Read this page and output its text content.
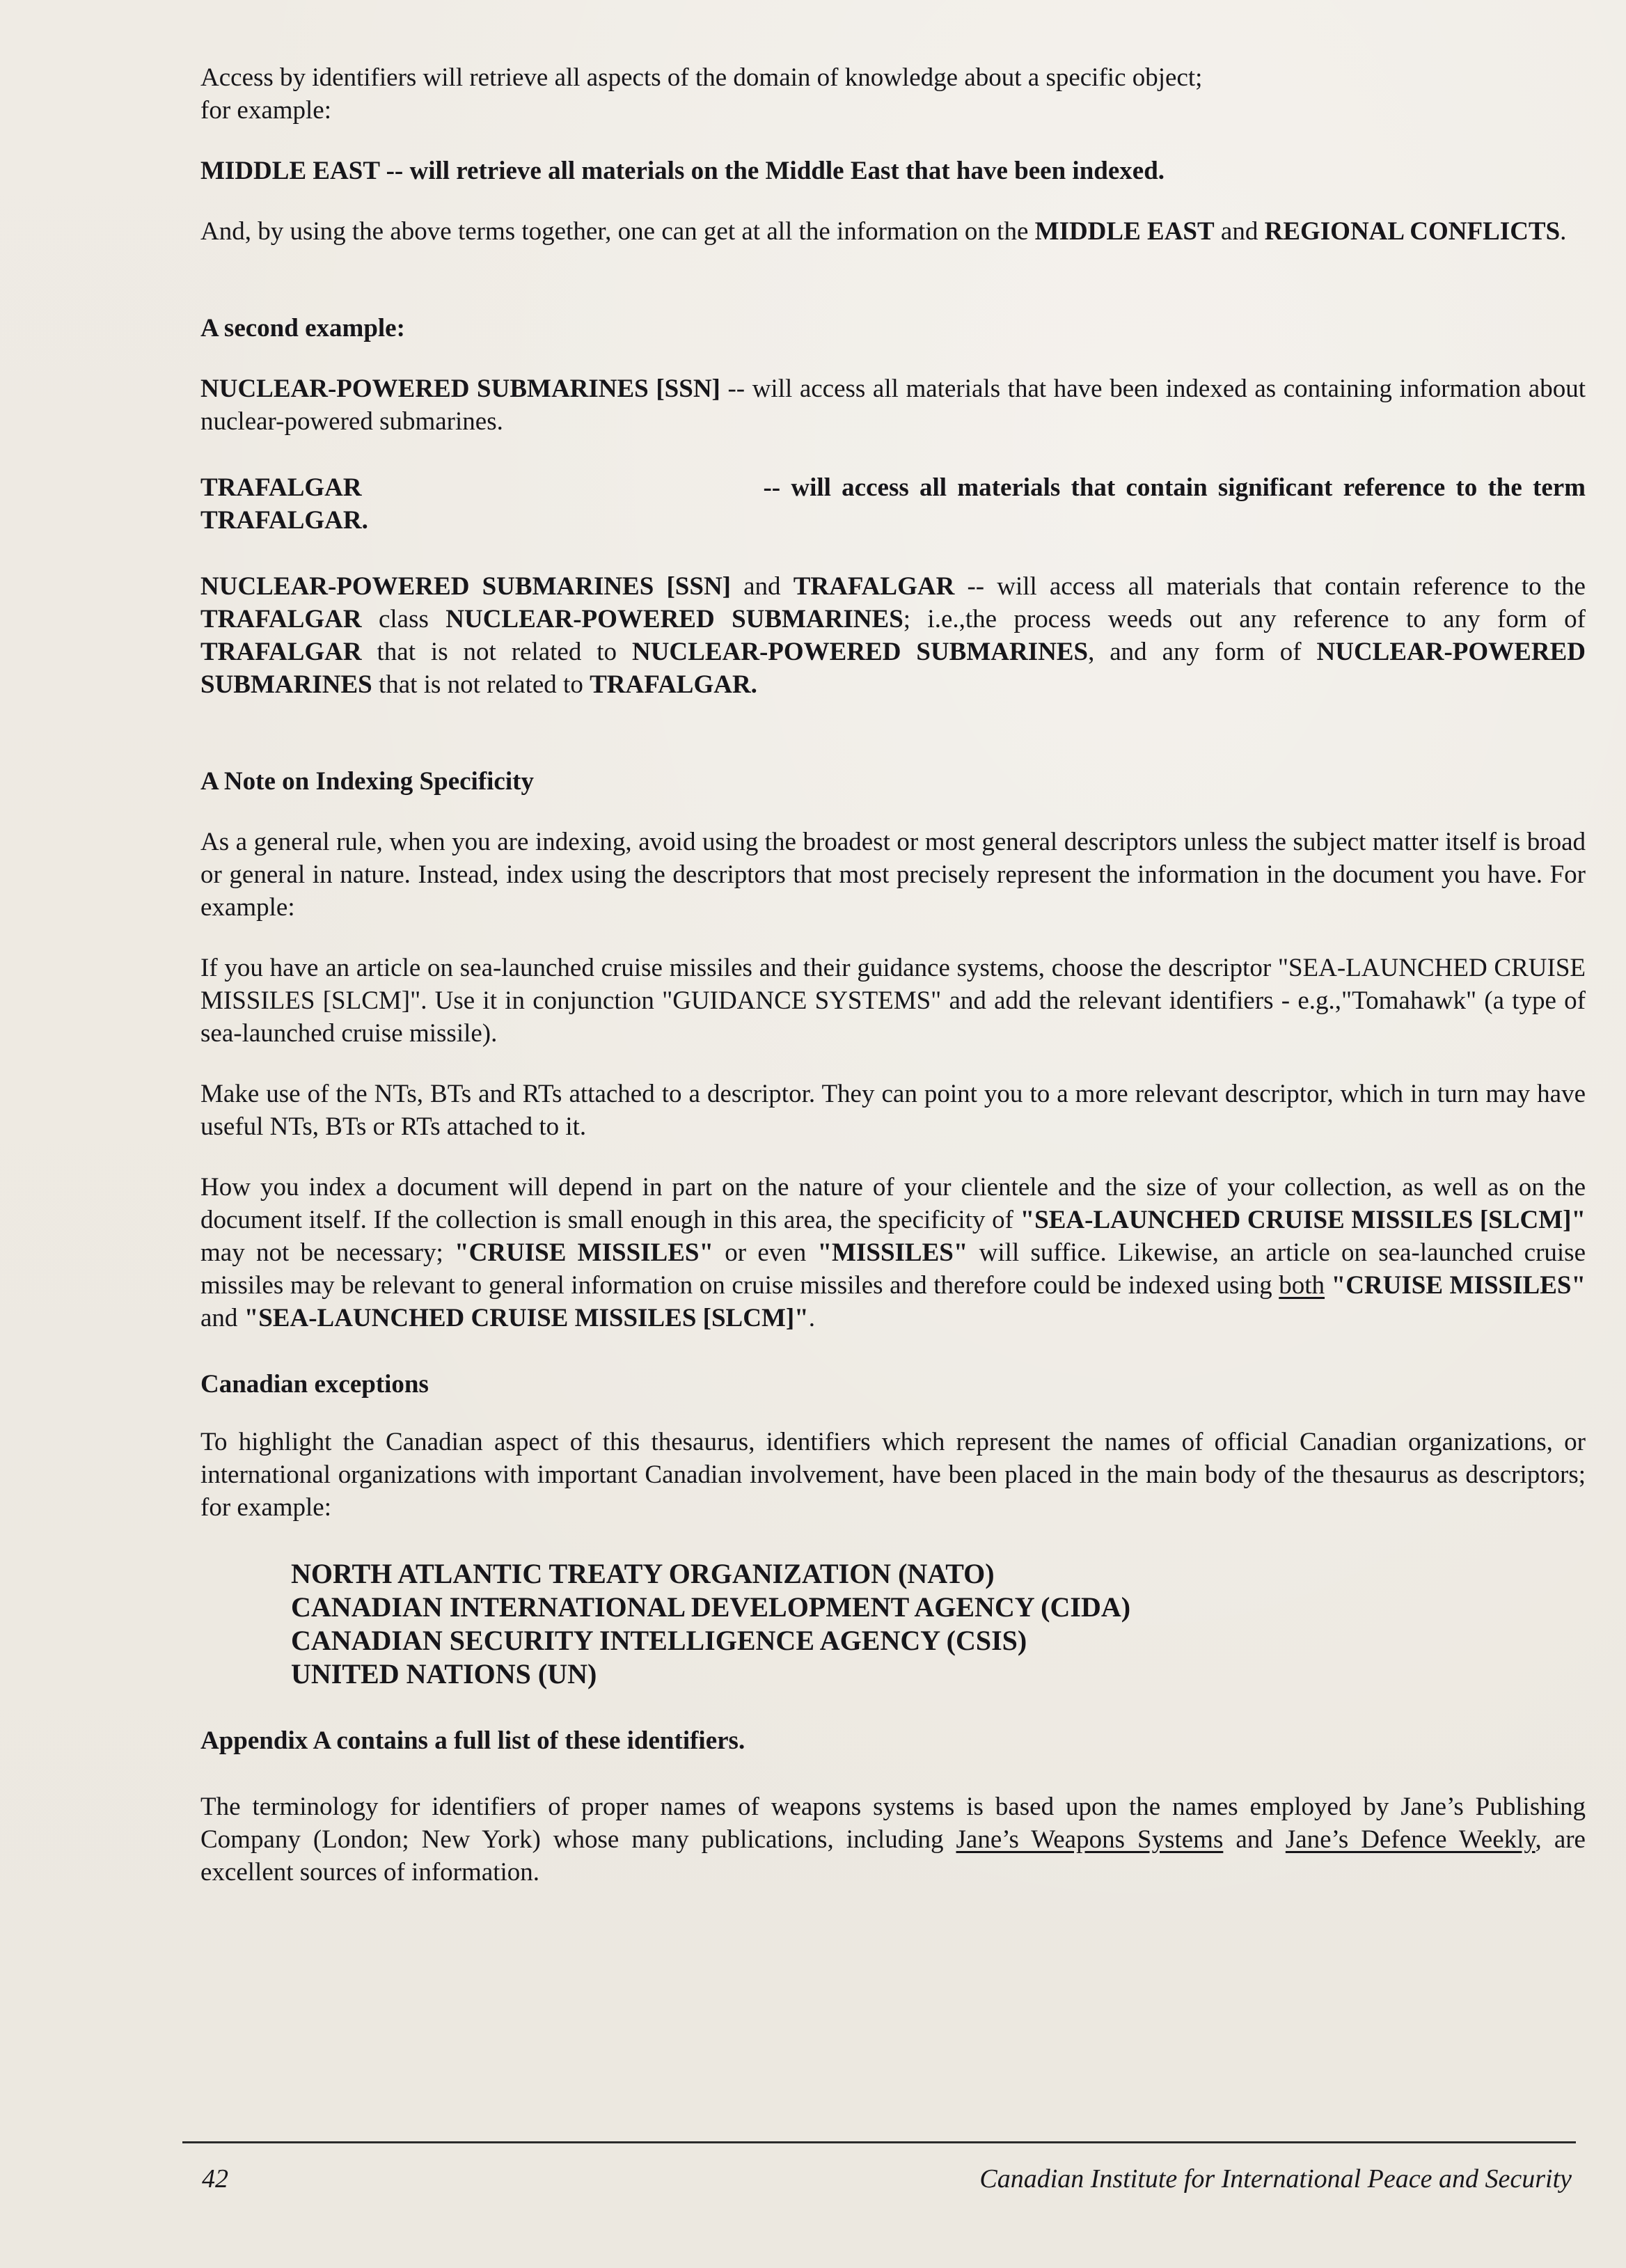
Access by identifiers will retrieve all aspects of the domain of knowledge about a specific object;
for example:

MIDDLE EAST -- will retrieve all materials on the Middle East that have been indexed.

And, by using the above terms together, one can get at all the information on the MIDDLE EAST and REGIONAL CONFLICTS.

A second example:

NUCLEAR-POWERED SUBMARINES [SSN] -- will access all materials that have been indexed as containing information about nuclear-powered submarines.

TRAFALGAR	-- will access all materials that contain significant reference to the term
TRAFALGAR.

NUCLEAR-POWERED SUBMARINES [SSN] and TRAFALGAR -- will access all materials that contain reference to the TRAFALGAR class NUCLEAR-POWERED SUBMARINES; i.e.,the process weeds out any reference to any form of TRAFALGAR that is not related to NUCLEAR-POWERED SUBMARINES, and any form of NUCLEAR-POWERED SUBMARINES that is not related to TRAFALGAR.

A Note on Indexing Specificity

As a general rule, when you are indexing, avoid using the broadest or most general descriptors unless the subject matter itself is broad or general in nature. Instead, index using the descriptors that most precisely represent the information in the document you have. For example:

If you have an article on sea-launched cruise missiles and their guidance systems, choose the descriptor "SEA-LAUNCHED CRUISE MISSILES [SLCM]". Use it in conjunction "GUIDANCE SYSTEMS" and add the relevant identifiers - e.g.,"Tomahawk" (a type of sea-launched cruise missile).

Make use of the NTs, BTs and RTs attached to a descriptor. They can point you to a more relevant descriptor, which in turn may have useful NTs, BTs or RTs attached to it.

How you index a document will depend in part on the nature of your clientele and the size of your collection, as well as on the document itself. If the collection is small enough in this area, the specificity of "SEA-LAUNCHED CRUISE MISSILES [SLCM]" may not be necessary; "CRUISE MISSILES" or even "MISSILES" will suffice. Likewise, an article on sea-launched cruise missiles may be relevant to general information on cruise missiles and therefore could be indexed using both "CRUISE MISSILES" and "SEA-LAUNCHED CRUISE MISSILES [SLCM]".

Canadian exceptions

To highlight the Canadian aspect of this thesaurus, identifiers which represent the names of official Canadian organizations, or international organizations with important Canadian involvement, have been placed in the main body of the thesaurus as descriptors; for example:

NORTH ATLANTIC TREATY ORGANIZATION (NATO)
CANADIAN INTERNATIONAL DEVELOPMENT AGENCY (CIDA)
CANADIAN SECURITY INTELLIGENCE AGENCY (CSIS)
UNITED NATIONS (UN)

Appendix A contains a full list of these identifiers.

The terminology for identifiers of proper names of weapons systems is based upon the names employed by Jane’s Publishing Company (London; New York) whose many publications, including Jane’s Weapons Systems and Jane’s Defence Weekly, are excellent sources of information.

42	Canadian Institute for International Peace and Security
